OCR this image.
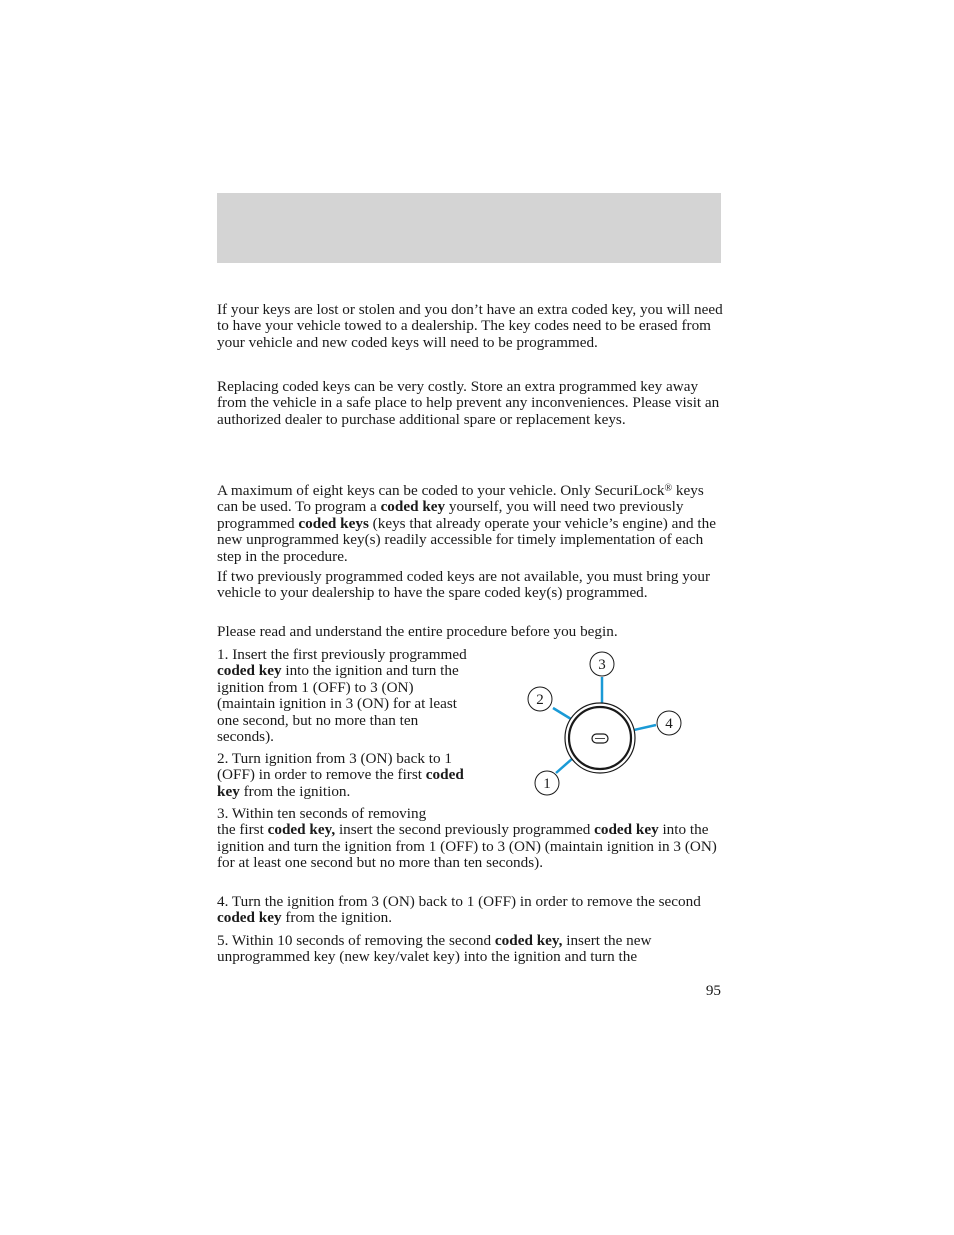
If your keys are lost or stolen and you don’t have an extra coded key, you will need to have your vehicle towed to a dealership. The key codes need to be erased from your vehicle and new coded keys will need to be programmed.

Replacing coded keys can be very costly. Store an extra programmed key away from the vehicle in a safe place to help prevent any inconveniences. Please visit an authorized dealer to purchase additional spare or replacement keys.

A maximum of eight keys can be coded to your vehicle. Only SecuriLock® keys can be used. To program a coded key yourself, you will need two previously programmed coded keys (keys that already operate your vehicle’s engine) and the new unprogrammed key(s) readily accessible for timely implementation of each step in the procedure.

If two previously programmed coded keys are not available, you must bring your vehicle to your dealership to have the spare coded key(s) programmed.

Please read and understand the entire procedure before you begin.

1. Insert the first previously programmed coded key into the ignition and turn the ignition from 1 (OFF) to 3 (ON) (maintain ignition in 3 (ON) for at least one second, but no more than ten seconds).

2. Turn ignition from 3 (ON) back to 1 (OFF) in order to remove the first coded key from the ignition.

3. Within ten seconds of removing
the first coded key, insert the second previously programmed coded key into the ignition and turn the ignition from 1 (OFF) to 3 (ON) (maintain ignition in 3 (ON) for at least one second but no more than ten seconds).

4. Turn the ignition from 3 (ON) back to 1 (OFF) in order to remove the second coded key from the ignition.

5. Within 10 seconds of removing the second coded key, insert the new unprogrammed key (new key/valet key) into the ignition and turn the

3
2
4
1
95
